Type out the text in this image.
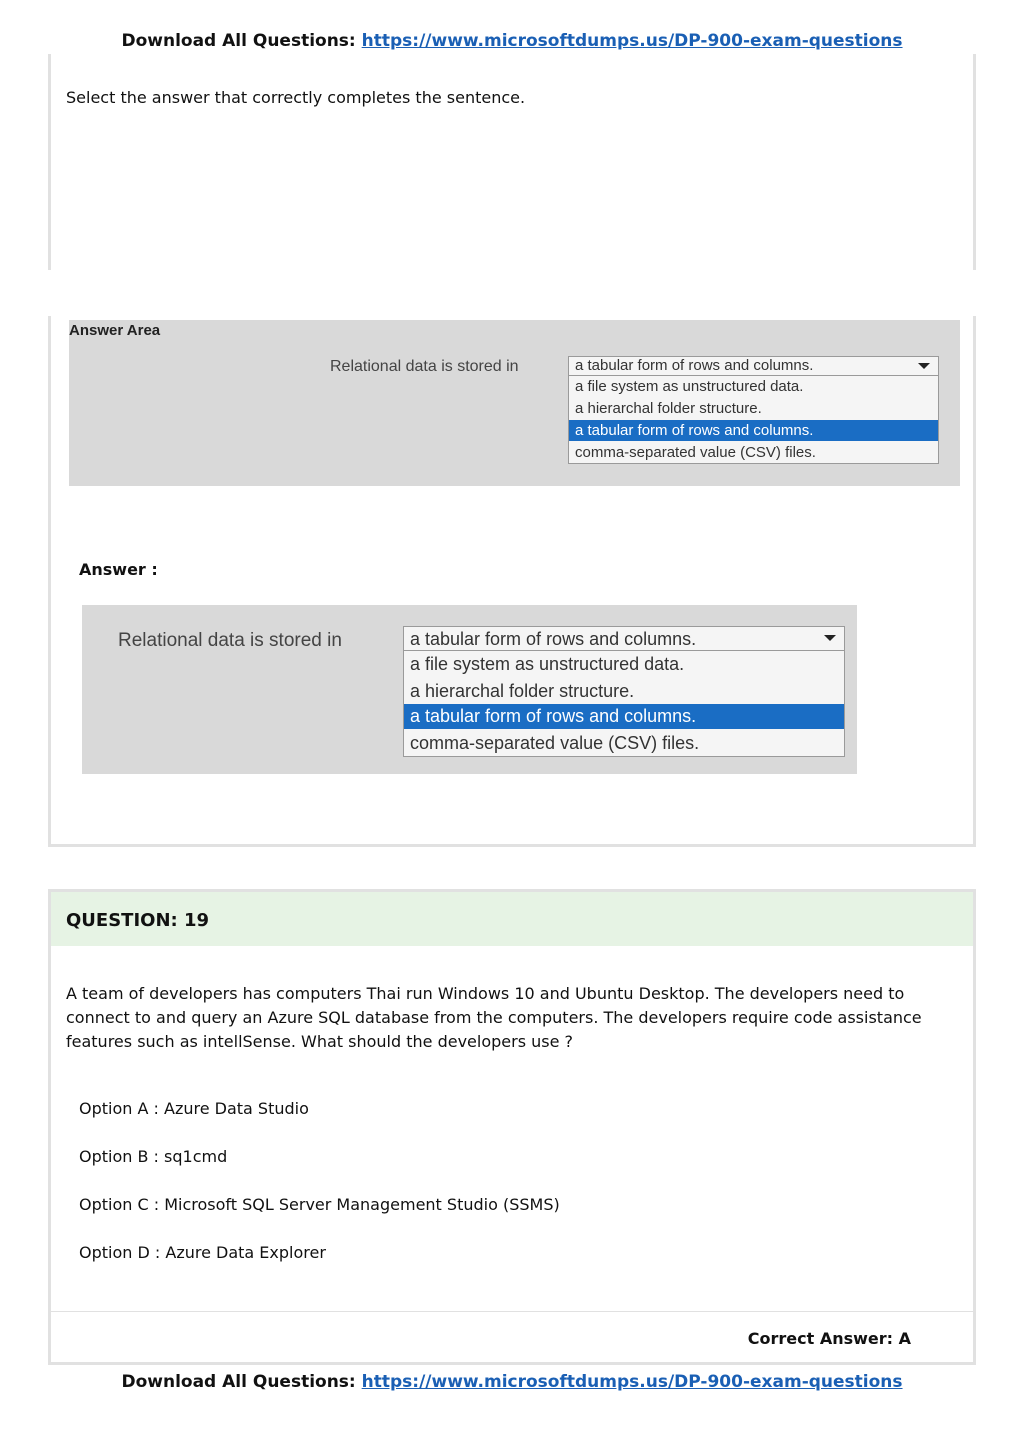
Download All Questions: https://www.microsoftdumps.us/DP-900-exam-questions
Select the answer that correctly completes the sentence.
Answer Area
Relational data is stored in	a tabular form of rows and columns.
a file system as unstructured data.
a hierarchal folder structure.
a tabular form of rows and columns.
comma-separated value (CSV) files.
Answer :
Relational data is stored in	a tabular form of rows and columns.
a file system as unstructured data.
a hierarchal folder structure.
a tabular form of rows and columns.
comma-separated value (CSV) files.
QUESTION: 19
A team of developers has computers Thai run Windows 10 and Ubuntu Desktop. The developers need to connect to and query an Azure SQL database from the computers. The developers require code assistance features such as intellSense. What should the developers use ?
Option A : Azure Data Studio
Option B : sq1cmd
Option C : Microsoft SQL Server Management Studio (SSMS)
Option D : Azure Data Explorer
Correct Answer: A
Download All Questions: https://www.microsoftdumps.us/DP-900-exam-questions
